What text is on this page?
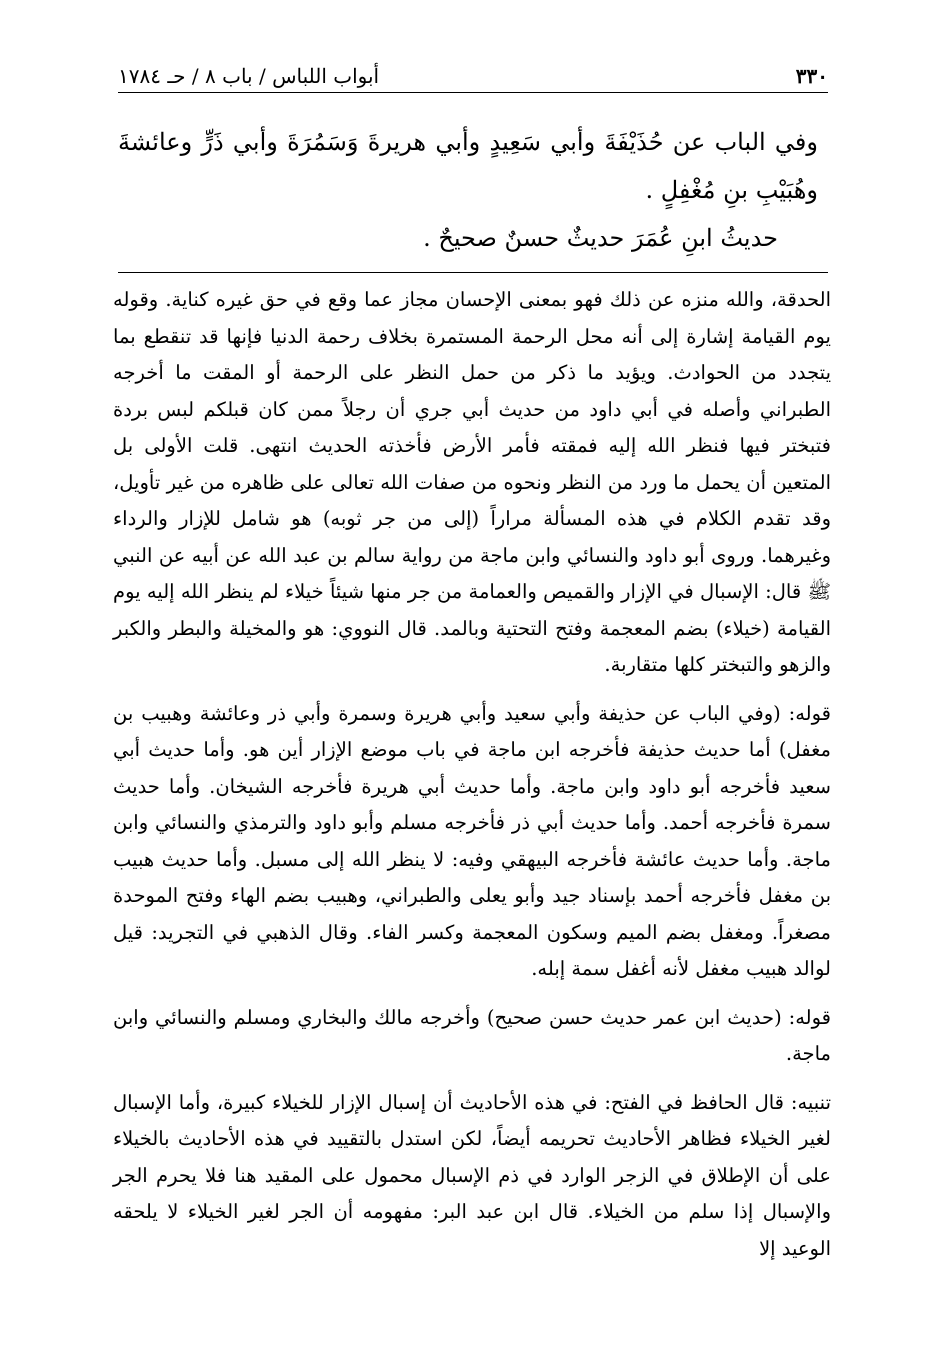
٣٣٠
أبواب اللباس / باب ٨ / حـ ١٧٨٤

وفي الباب عن حُذَيْفَةَ وأبي سَعِيدٍ وأبي هريرةَ وَسَمُرَةَ وأبي ذَرٍّ وعائشةَ وهُبَيْبِ بنِ مُغْفِلٍ .

حديثُ ابنِ عُمَرَ حديثٌ حسنٌ صحيحٌ .

الحدقة، والله منزه عن ذلك فهو بمعنى الإحسان مجاز عما وقع في حق غيره كناية. وقوله يوم القيامة إشارة إلى أنه محل الرحمة المستمرة بخلاف رحمة الدنيا فإنها قد تنقطع بما يتجدد من الحوادث. ويؤيد ما ذكر من حمل النظر على الرحمة أو المقت ما أخرجه الطبراني وأصله في أبي داود من حديث أبي جري أن رجلاً ممن كان قبلكم لبس بردة فتبختر فيها فنظر الله إليه فمقته فأمر الأرض فأخذته الحديث انتهى. قلت الأولى بل المتعين أن يحمل ما ورد من النظر ونحوه من صفات الله تعالى على ظاهره من غير تأويل، وقد تقدم الكلام في هذه المسألة مراراً (إلى من جر ثوبه) هو شامل للإزار والرداء وغيرهما. وروى أبو داود والنسائي وابن ماجة من رواية سالم بن عبد الله عن أبيه عن النبي ﷺ قال: الإسبال في الإزار والقميص والعمامة من جر منها شيئاً خيلاء لم ينظر الله إليه يوم القيامة (خيلاء) بضم المعجمة وفتح التحتية وبالمد. قال النووي: هو والمخيلة والبطر والكبر والزهو والتبختر كلها متقاربة.

قوله: (وفي الباب عن حذيفة وأبي سعيد وأبي هريرة وسمرة وأبي ذر وعائشة وهبيب بن مغفل) أما حديث حذيفة فأخرجه ابن ماجة في باب موضع الإزار أين هو. وأما حديث أبي سعيد فأخرجه أبو داود وابن ماجة. وأما حديث أبي هريرة فأخرجه الشيخان. وأما حديث سمرة فأخرجه أحمد. وأما حديث أبي ذر فأخرجه مسلم وأبو داود والترمذي والنسائي وابن ماجة. وأما حديث عائشة فأخرجه البيهقي وفيه: لا ينظر الله إلى مسبل. وأما حديث هبيب بن مغفل فأخرجه أحمد بإسناد جيد وأبو يعلى والطبراني، وهبيب بضم الهاء وفتح الموحدة مصغراً. ومغفل بضم الميم وسكون المعجمة وكسر الفاء. وقال الذهبي في التجريد: قيل لوالد هبيب مغفل لأنه أغفل سمة إبله.

قوله: (حديث ابن عمر حديث حسن صحيح) وأخرجه مالك والبخاري ومسلم والنسائي وابن ماجة.

تنبيه: قال الحافظ في الفتح: في هذه الأحاديث أن إسبال الإزار للخيلاء كبيرة، وأما الإسبال لغير الخيلاء فظاهر الأحاديث تحريمه أيضاً، لكن استدل بالتقييد في هذه الأحاديث بالخيلاء على أن الإطلاق في الزجر الوارد في ذم الإسبال محمول على المقيد هنا فلا يحرم الجر والإسبال إذا سلم من الخيلاء. قال ابن عبد البر: مفهومه أن الجر لغير الخيلاء لا يلحقه الوعيد إلا
